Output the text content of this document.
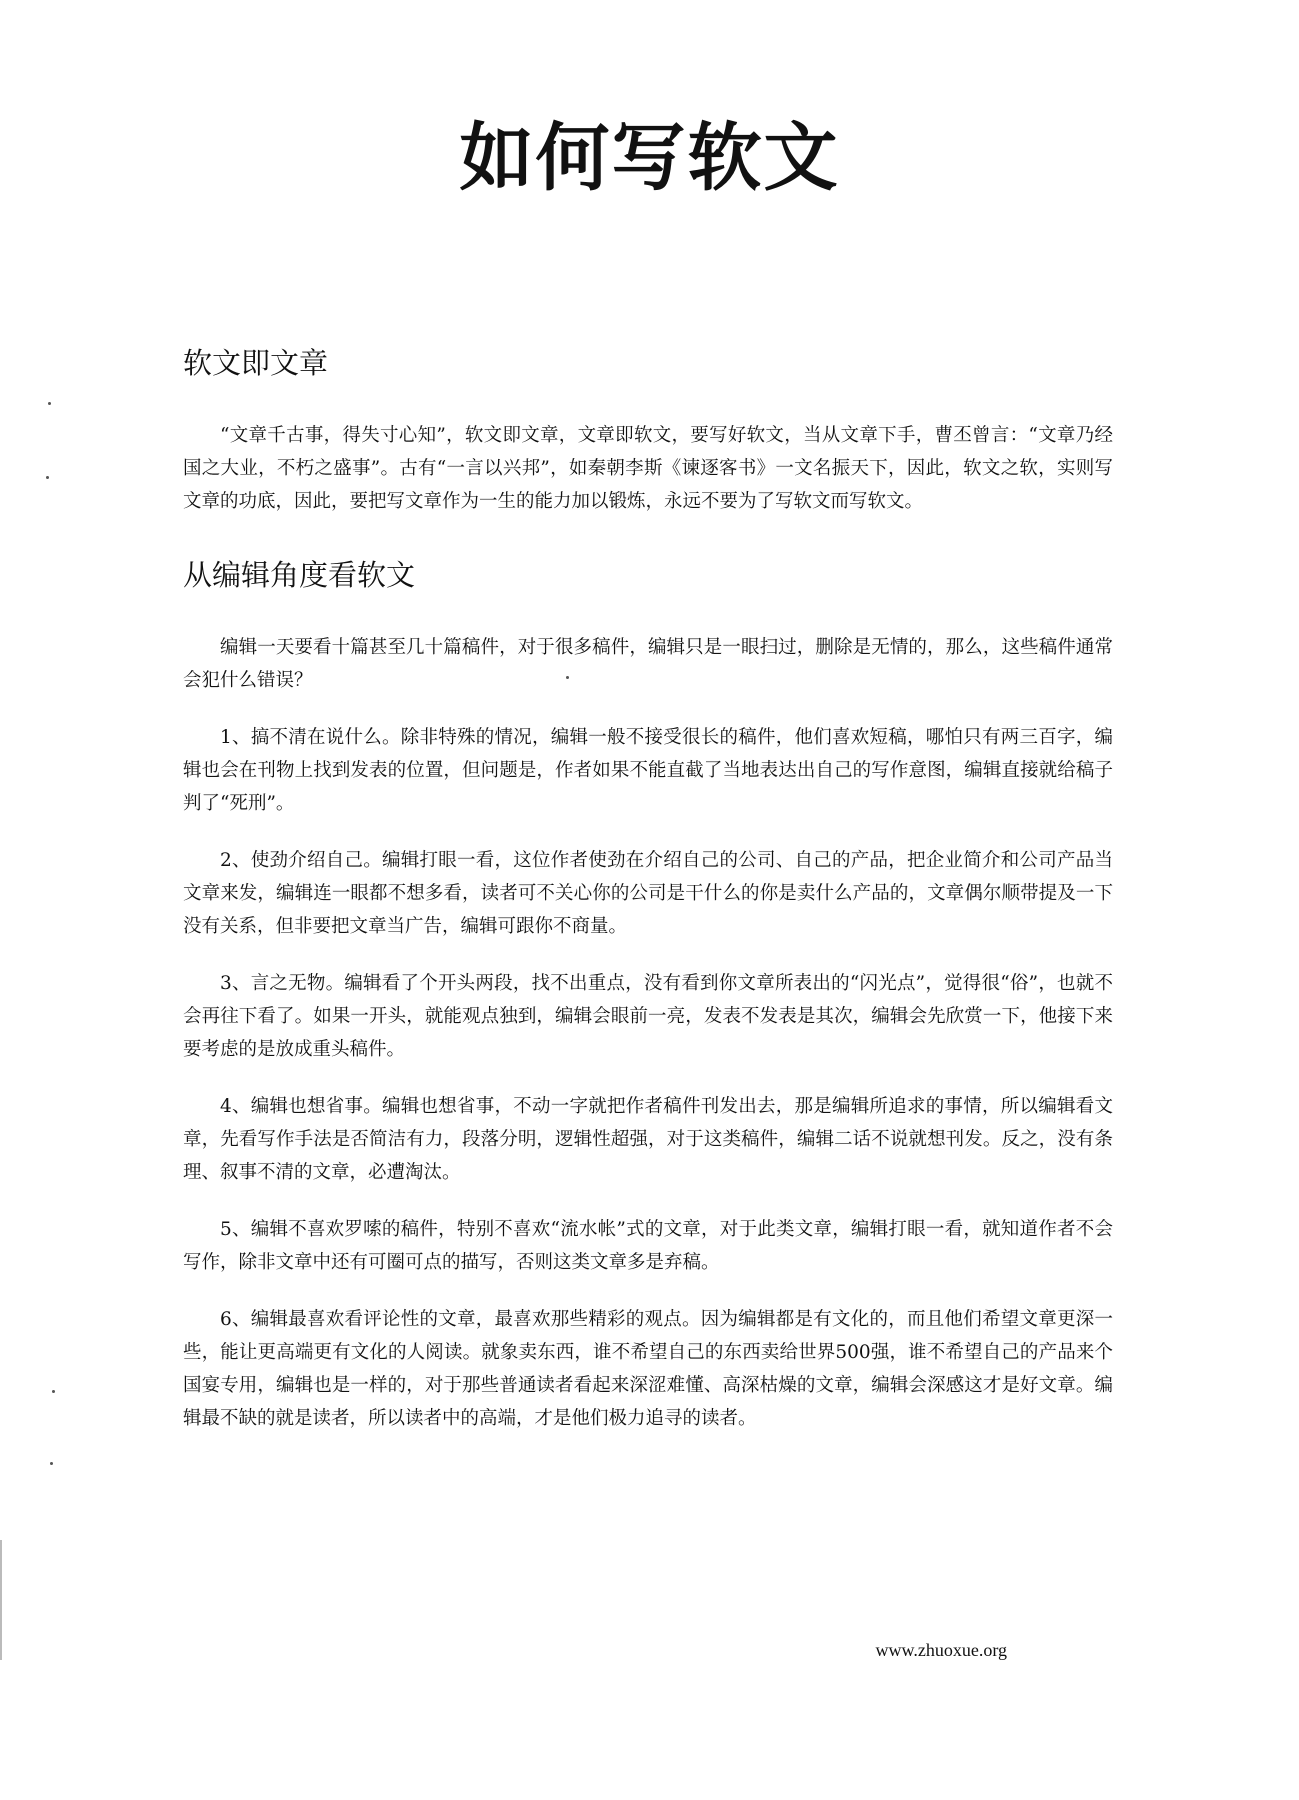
如何写软文
软文即文章

“文章千古事，得失寸心知”，软文即文章，文章即软文，要写好软文，当从文章下手，曹丕曾言：“文章乃经国之大业，不朽之盛事”。古有“一言以兴邦”，如秦朝李斯《谏逐客书》一文名振天下，因此，软文之软，实则写文章的功底，因此，要把写文章作为一生的能力加以锻炼，永远不要为了写软文而写软文。

从编辑角度看软文

编辑一天要看十篇甚至几十篇稿件，对于很多稿件，编辑只是一眼扫过，删除是无情的，那么，这些稿件通常会犯什么错误？

1、搞不清在说什么。除非特殊的情况，编辑一般不接受很长的稿件，他们喜欢短稿，哪怕只有两三百字，编辑也会在刊物上找到发表的位置，但问题是，作者如果不能直截了当地表达出自己的写作意图，编辑直接就给稿子判了“死刑”。

2、使劲介绍自己。编辑打眼一看，这位作者使劲在介绍自己的公司、自己的产品，把企业简介和公司产品当文章来发，编辑连一眼都不想多看，读者可不关心你的公司是干什么的你是卖什么产品的，文章偶尔顺带提及一下没有关系，但非要把文章当广告，编辑可跟你不商量。

3、言之无物。编辑看了个开头两段，找不出重点，没有看到你文章所表出的“闪光点”，觉得很“俗”，也就不会再往下看了。如果一开头，就能观点独到，编辑会眼前一亮，发表不发表是其次，编辑会先欣赏一下，他接下来要考虑的是放成重头稿件。

4、编辑也想省事。编辑也想省事，不动一字就把作者稿件刊发出去，那是编辑所追求的事情，所以编辑看文章，先看写作手法是否简洁有力，段落分明，逻辑性超强，对于这类稿件，编辑二话不说就想刊发。反之，没有条理、叙事不清的文章，必遭淘汰。

5、编辑不喜欢罗嗦的稿件，特别不喜欢“流水帐”式的文章，对于此类文章，编辑打眼一看，就知道作者不会写作，除非文章中还有可圈可点的描写，否则这类文章多是弃稿。

6、编辑最喜欢看评论性的文章，最喜欢那些精彩的观点。因为编辑都是有文化的，而且他们希望文章更深一些，能让更高端更有文化的人阅读。就象卖东西，谁不希望自己的东西卖给世界500强，谁不希望自己的产品来个国宴专用，编辑也是一样的，对于那些普通读者看起来深涩难懂、高深枯燥的文章，编辑会深感这才是好文章。编辑最不缺的就是读者，所以读者中的高端，才是他们极力追寻的读者。

www.zhuoxue.org
